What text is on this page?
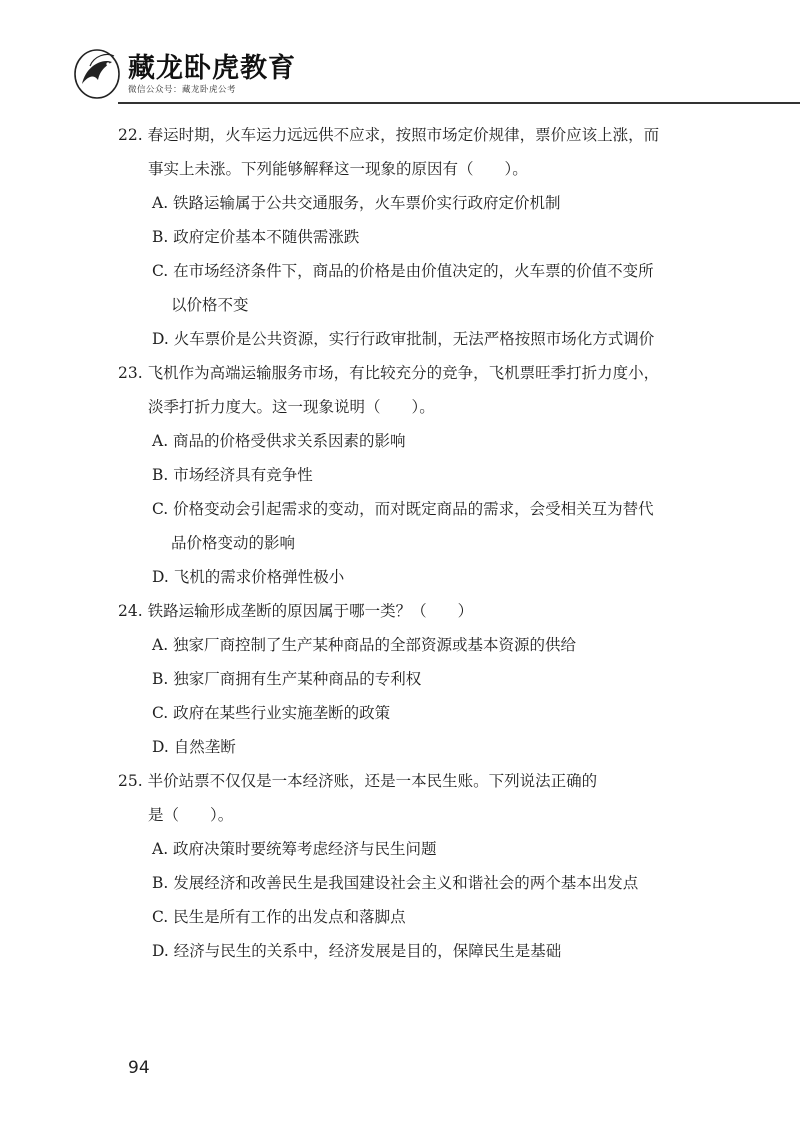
藏龙卧虎教育
微信公众号：藏龙卧虎公考
22. 春运时期，火车运力远远供不应求，按照市场定价规律，票价应该上涨，而
事实上未涨。下列能够解释这一现象的原因有（　　）。
A. 铁路运输属于公共交通服务，火车票价实行政府定价机制
B. 政府定价基本不随供需涨跌
C. 在市场经济条件下，商品的价格是由价值决定的，火车票的价值不变所
以价格不变
D. 火车票价是公共资源，实行行政审批制，无法严格按照市场化方式调价
23. 飞机作为高端运输服务市场，有比较充分的竞争，飞机票旺季打折力度小，
淡季打折力度大。这一现象说明（　　）。
A. 商品的价格受供求关系因素的影响
B. 市场经济具有竞争性
C. 价格变动会引起需求的变动，而对既定商品的需求，会受相关互为替代
品价格变动的影响
D. 飞机的需求价格弹性极小
24. 铁路运输形成垄断的原因属于哪一类？（　　）
A. 独家厂商控制了生产某种商品的全部资源或基本资源的供给
B. 独家厂商拥有生产某种商品的专利权
C. 政府在某些行业实施垄断的政策
D. 自然垄断
25. 半价站票不仅仅是一本经济账，还是一本民生账。下列说法正确的
是（　　）。
A. 政府决策时要统筹考虑经济与民生问题
B. 发展经济和改善民生是我国建设社会主义和谐社会的两个基本出发点
C. 民生是所有工作的出发点和落脚点
D. 经济与民生的关系中，经济发展是目的，保障民生是基础
94
